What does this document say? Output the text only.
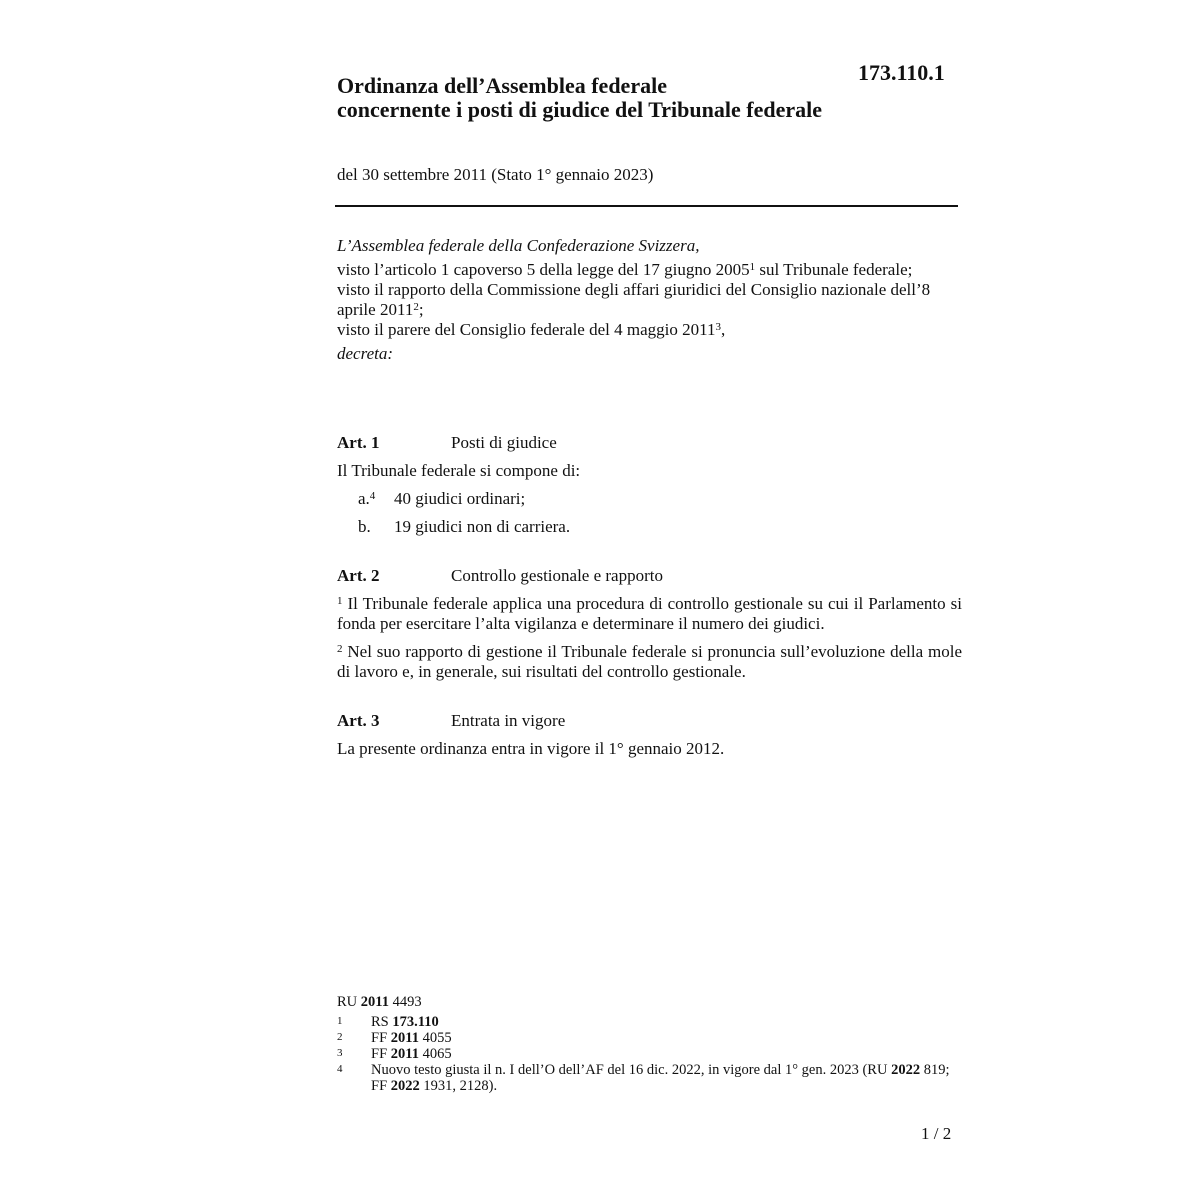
173.110.1
Ordinanza dell’Assemblea federale
concernente i posti di giudice del Tribunale federale
del 30 settembre 2011 (Stato 1° gennaio 2023)

L’Assemblea federale della Confederazione Svizzera,

visto l’articolo 1 capoverso 5 della legge del 17 giugno 2005$^1$ sul Tribunale federale;

visto il rapporto della Commissione degli affari giuridici del Consiglio nazionale dell’8 aprile 2011$^2$;

visto il parere del Consiglio federale del 4 maggio 2011$^3$,

decreta:

Art. 1	Posti di giudice

Il Tribunale federale si compone di:

a.$^4$	40 giudici ordinari;
b.	19 giudici non di carriera.
Art. 2	Controllo gestionale e rapporto

$^1$ Il Tribunale federale applica una procedura di controllo gestionale su cui il Parlamento si fonda per esercitare l’alta vigilanza e determinare il numero dei giudici.

$^2$ Nel suo rapporto di gestione il Tribunale federale si pronuncia sull’evoluzione della mole di lavoro e, in generale, sui risultati del controllo gestionale.

Art. 3	Entrata in vigore

La presente ordinanza entra in vigore il 1° gennaio 2012.

RU 2011 4493
1	RS 173.110
2	FF 2011 4055
3	FF 2011 4065
4	Nuovo testo giusta il n. I dell’O dell’AF del 16 dic. 2022, in vigore dal 1° gen. 2023 (RU 2022 819; FF 2022 1931, 2128).
1 / 2
